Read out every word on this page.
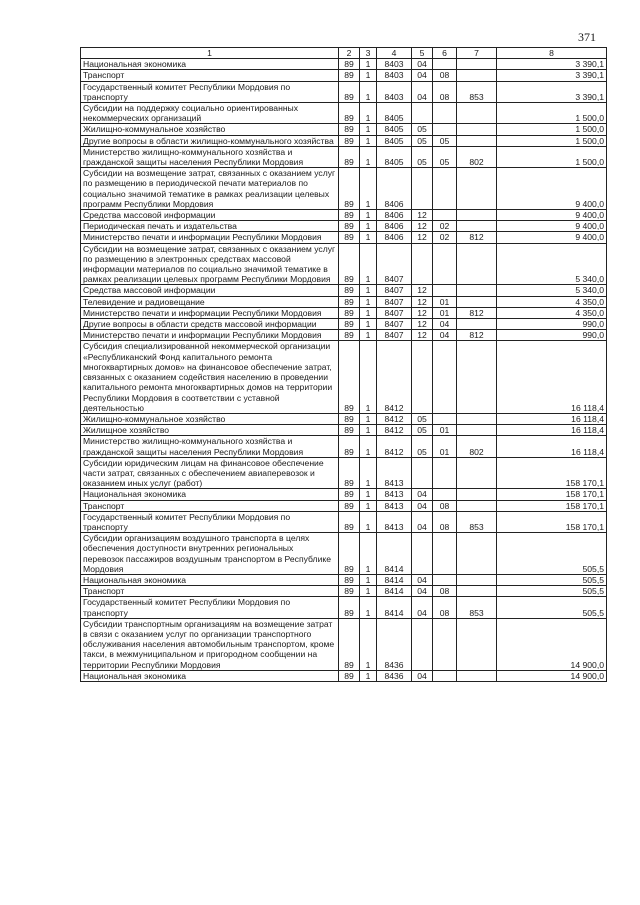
371
1	2	3	4	5	6	7	8
Национальная экономика	89	1	8403	04			3 390,1
Транспорт	89	1	8403	04	08		3 390,1
Государственный комитет Республики Мордовия по транспорту	89	1	8403	04	08	853	3 390,1
Субсидии на поддержку социально ориентированных некоммерческих организаций	89	1	8405				1 500,0
Жилищно-коммунальное хозяйство	89	1	8405	05			1 500,0
Другие вопросы в области жилищно-коммунального хозяйства	89	1	8405	05	05		1 500,0
Министерство жилищно-коммунального хозяйства и гражданской защиты населения Республики Мордовия	89	1	8405	05	05	802	1 500,0
Субсидии на возмещение затрат, связанных с оказанием услуг по размещению в периодической печати материалов по социально значимой тематике в рамках реализации целевых программ Республики Мордовия	89	1	8406				9 400,0
Средства массовой информации	89	1	8406	12			9 400,0
Периодическая печать и издательства	89	1	8406	12	02		9 400,0
Министерство печати и информации Республики Мордовия	89	1	8406	12	02	812	9 400,0
Субсидии на возмещение затрат, связанных с оказанием услуг по размещению в электронных средствах массовой информации материалов по социально значимой тематике в рамках реализации целевых программ Республики Мордовия	89	1	8407				5 340,0
Средства массовой информации	89	1	8407	12			5 340,0
Телевидение и радиовещание	89	1	8407	12	01		4 350,0
Министерство печати и информации Республики Мордовия	89	1	8407	12	01	812	4 350,0
Другие вопросы в области средств массовой информации	89	1	8407	12	04		990,0
Министерство печати и информации Республики Мордовия	89	1	8407	12	04	812	990,0
Субсидия специализированной некоммерческой организации «Республиканский Фонд капитального ремонта многоквартирных домов» на финансовое обеспечение затрат, связанных с оказанием содействия населению в проведении капитального ремонта многоквартирных домов на территории Республики Мордовия в соответствии с уставной деятельностью	89	1	8412				16 118,4
Жилищно-коммунальное хозяйство	89	1	8412	05			16 118,4
Жилищное хозяйство	89	1	8412	05	01		16 118,4
Министерство жилищно-коммунального хозяйства и гражданской защиты населения Республики Мордовия	89	1	8412	05	01	802	16 118,4
Субсидии юридическим лицам на финансовое обеспечение части затрат, связанных с обеспечением авиаперевозок и оказанием иных услуг (работ)	89	1	8413				158 170,1
Национальная экономика	89	1	8413	04			158 170,1
Транспорт	89	1	8413	04	08		158 170,1
Государственный комитет Республики Мордовия по транспорту	89	1	8413	04	08	853	158 170,1
Субсидии организациям воздушного транспорта в целях обеспечения доступности внутренних региональных перевозок пассажиров воздушным транспортом в Республике Мордовия	89	1	8414				505,5
Национальная экономика	89	1	8414	04			505,5
Транспорт	89	1	8414	04	08		505,5
Государственный комитет Республики Мордовия по транспорту	89	1	8414	04	08	853	505,5
Субсидии транспортным организациям на возмещение затрат в связи с оказанием услуг по организации транспортного обслуживания населения автомобильным транспортом, кроме такси, в межмуниципальном и пригородном сообщении на территории Республики Мордовия	89	1	8436				14 900,0
Национальная экономика	89	1	8436	04			14 900,0
